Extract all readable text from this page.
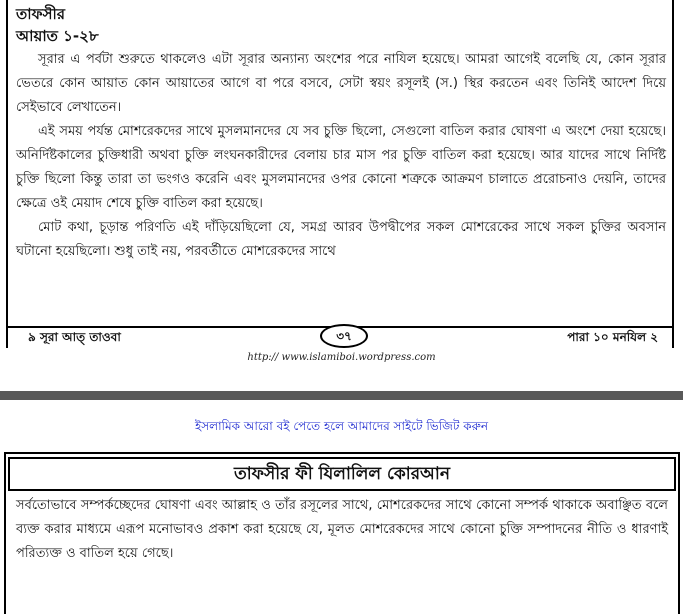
তাফসীর
আয়াত ১-২৮

সূরার এ পর্বটা শুরুতে থাকলেও এটা সূরার অন্যান্য অংশের পরে নাযিল হয়েছে। আমরা আগেই বলেছি যে, কোন সূরার ভেতরে কোন আয়াত কোন আয়াতের আগে বা পরে বসবে, সেটা স্বয়ং রসূলই (স.) স্থির করতেন এবং তিনিই আদেশ দিয়ে সেইভাবে লেখাতেন।

এই সময় পর্যন্ত মোশরেকদের সাথে মুসলমানদের যে সব চুক্তি ছিলো, সেগুলো বাতিল করার ঘোষণা এ অংশে দেয়া হয়েছে। অনির্দিষ্টকালের চুক্তিধারী অথবা চুক্তি লংঘনকারীদের বেলায় চার মাস পর চুক্তি বাতিল করা হয়েছে। আর যাদের সাথে নির্দিষ্ট চুক্তি ছিলো কিন্তু তারা তা ভংগও করেনি এবং মুসলমানদের ওপর কোনো শত্রুকে আক্রমণ চালাতে প্ররোচনাও দেয়নি, তাদের ক্ষেত্রে ওই মেয়াদ শেষে চুক্তি বাতিল করা হয়েছে।

মোট কথা, চূড়ান্ত পরিণতি এই দাঁড়িয়েছিলো যে, সমগ্র আরব উপদ্বীপের সকল মোশরেকের সাথে সকল চুক্তির অবসান ঘটানো হয়েছিলো। শুধু তাই নয়, পরবর্তীতে মোশরেকদের সাথে

৯ সূরা আত্ তাওবা	৩৭	পারা ১০ মনযিল ২
http:// www.islamiboi.wordpress.com
ইসলামিক আরো বই পেতে হলে আমাদের সাইটে ভিজিট করুন
তাফসীর ফী যিলালিল কোরআন

সর্বতোভাবে সম্পর্কচ্ছেদের ঘোষণা এবং আল্লাহ ও তাঁর রসূলের সাথে, মোশরেকদের সাথে কোনো সম্পর্ক থাকাকে অবাঞ্ছিত বলে ব্যক্ত করার মাধ্যমে এরূপ মনোভাবও প্রকাশ করা হয়েছে যে, মূলত মোশরেকদের সাথে কোনো চুক্তি সম্পাদনের নীতি ও ধারণাই পরিত্যক্ত ও বাতিল হয়ে গেছে।
